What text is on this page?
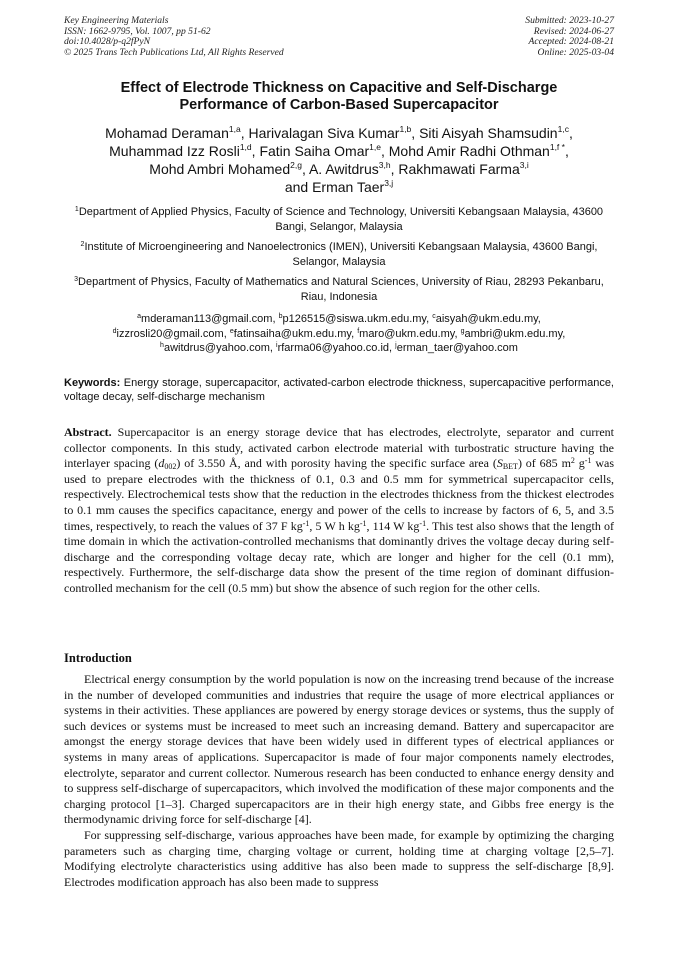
Key Engineering Materials
ISSN: 1662-9795, Vol. 1007, pp 51-62
doi:10.4028/p-q2fPyN
© 2025 Trans Tech Publications Ltd, All Rights Reserved
Submitted: 2023-10-27
Revised: 2024-06-27
Accepted: 2024-08-21
Online: 2025-03-04
Effect of Electrode Thickness on Capacitive and Self-Discharge
Performance of Carbon-Based Supercapacitor
Mohamad Deraman$^{1,a}$, Harivalagan Siva Kumar$^{1,b}$, Siti Aisyah Shamsudin$^{1,c}$,
Muhammad Izz Rosli$^{1,d}$, Fatin Saiha Omar$^{1,e}$, Mohd Amir Radhi Othman$^{1,f *}$,
Mohd Ambri Mohamed$^{2,g}$, A. Awitdrus$^{3,h}$, Rakhmawati Farma$^{3,i}$
and Erman Taer$^{3,j}$
$^1$Department of Applied Physics, Faculty of Science and Technology, Universiti Kebangsaan Malaysia, 43600 Bangi, Selangor, Malaysia
$^2$Institute of Microengineering and Nanoelectronics (IMEN), Universiti Kebangsaan Malaysia, 43600 Bangi, Selangor, Malaysia
$^3$Department of Physics, Faculty of Mathematics and Natural Sciences, University of Riau, 28293 Pekanbaru, Riau, Indonesia
$^a$mderaman113@gmail.com, $^b$p126515@siswa.ukm.edu.my, $^c$aisyah@ukm.edu.my,
$^d$izzrosli20@gmail.com, $^e$fatinsaiha@ukm.edu.my, $^f$maro@ukm.edu.my, $^g$ambri@ukm.edu.my,
$^h$awitdrus@yahoo.com, $^i$rfarma06@yahoo.co.id, $^j$erman_taer@yahoo.com
Keywords: Energy storage, supercapacitor, activated-carbon electrode thickness, supercapacitive performance, voltage decay, self-discharge mechanism
Abstract. Supercapacitor is an energy storage device that has electrodes, electrolyte, separator and current collector components. In this study, activated carbon electrode material with turbostratic structure having the interlayer spacing $(d_{002})$ of 3.550 Å, and with porosity having the specific surface area $(S_{BET})$ of 685 $m^2$ $g^{-1}$ was used to prepare electrodes with the thickness of 0.1, 0.3 and 0.5 mm for symmetrical supercapacitor cells, respectively. Electrochemical tests show that the reduction in the electrodes thickness from the thickest electrodes to 0.1 mm causes the specifics capacitance, energy and power of the cells to increase by factors of 6, 5, and 3.5 times, respectively, to reach the values of 37 F $kg^{-1}$, 5 W h $kg^{-1}$, 114 W $kg^{-1}$. This test also shows that the length of time domain in which the activation-controlled mechanisms that dominantly drives the voltage decay during self-discharge and the corresponding voltage decay rate, which are longer and higher for the cell (0.1 mm), respectively. Furthermore, the self-discharge data show the present of the time region of dominant diffusion-controlled mechanism for the cell (0.5 mm) but show the absence of such region for the other cells.
Introduction

Electrical energy consumption by the world population is now on the increasing trend because of the increase in the number of developed communities and industries that require the usage of more electrical appliances or systems in their activities. These appliances are powered by energy storage devices or systems, thus the supply of such devices or systems must be increased to meet such an increasing demand. Battery and supercapacitor are amongst the energy storage devices that have been widely used in different types of electrical appliances or systems in many areas of applications. Supercapacitor is made of four major components namely electrodes, electrolyte, separator and current collector. Numerous research has been conducted to enhance energy density and to suppress self-discharge of supercapacitors, which involved the modification of these major components and the charging protocol [1–3]. Charged supercapacitors are in their high energy state, and Gibbs free energy is the thermodynamic driving force for self-discharge [4].

For suppressing self-discharge, various approaches have been made, for example by optimizing the charging parameters such as charging time, charging voltage or current, holding time at charging voltage [2,5–7]. Modifying electrolyte characteristics using additive has also been made to suppress the self-discharge [8,9]. Electrodes modification approach has also been made to suppress
